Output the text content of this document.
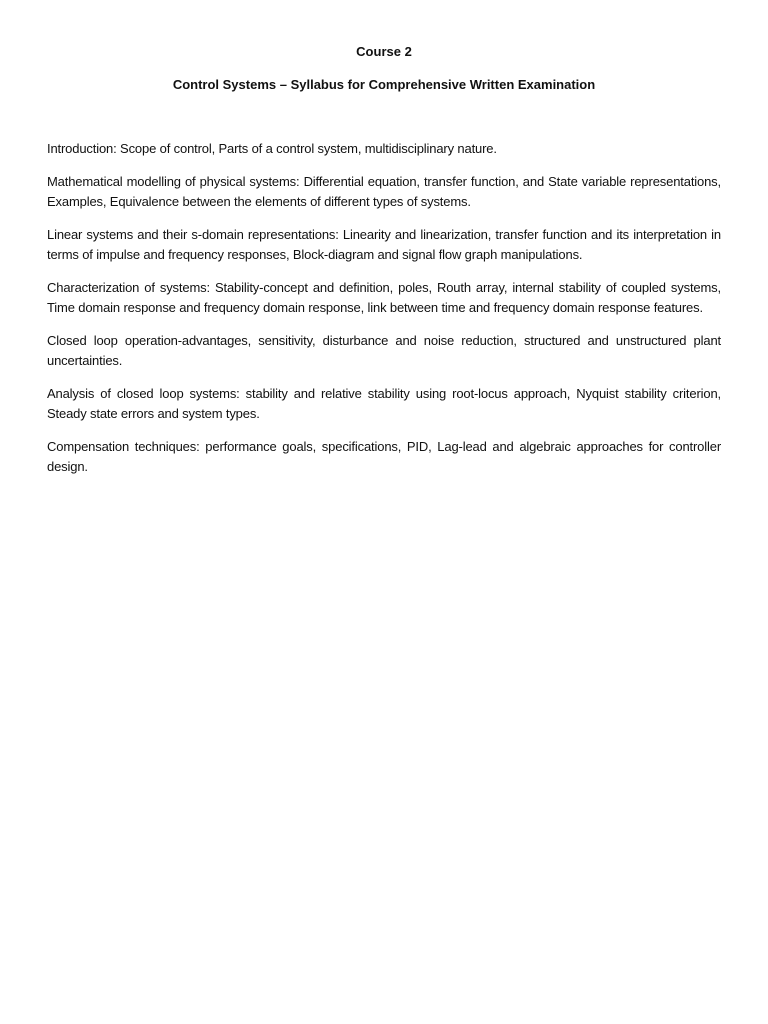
Course 2

Control Systems – Syllabus for Comprehensive Written Examination

Introduction: Scope of control, Parts of a control system, multidisciplinary nature.

Mathematical modelling of physical systems: Differential equation, transfer function, and State variable representations, Examples, Equivalence between the elements of different types of systems.

Linear systems and their s-domain representations: Linearity and linearization, transfer function and its interpretation in terms of impulse and frequency responses, Block-diagram and signal flow graph manipulations.

Characterization of systems: Stability-concept and definition, poles, Routh array, internal stability of coupled systems, Time domain response and frequency domain response, link between time and frequency domain response features.

Closed loop operation-advantages, sensitivity, disturbance and noise reduction, structured and unstructured plant uncertainties.

Analysis of closed loop systems: stability and relative stability using root-locus approach, Nyquist stability criterion, Steady state errors and system types.

Compensation techniques: performance goals, specifications, PID, Lag-lead and algebraic approaches for controller design.
